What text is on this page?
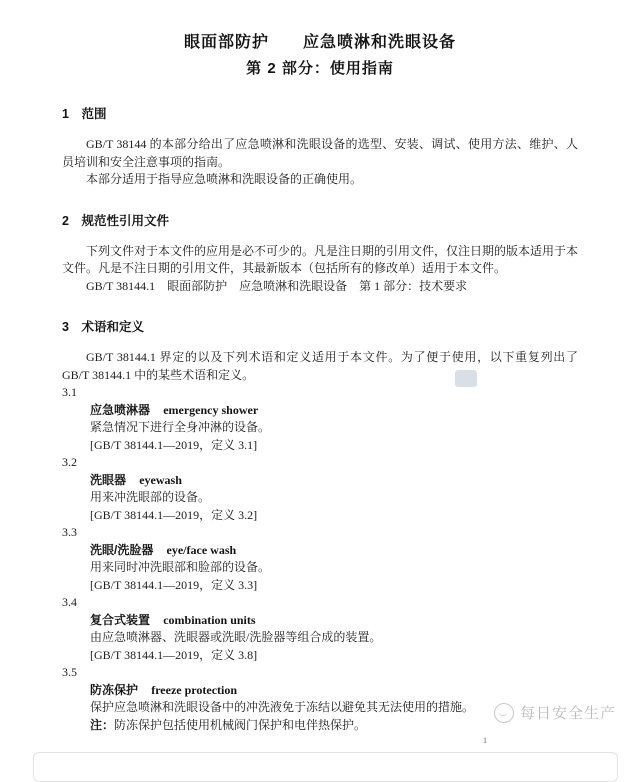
眼面部防护　　应急喷淋和洗眼设备
第 2 部分：使用指南
1　范围

GB/T 38144 的本部分给出了应急喷淋和洗眼设备的选型、安装、调试、使用方法、维护、人员培训和安全注意事项的指南。

本部分适用于指导应急喷淋和洗眼设备的正确使用。

2　规范性引用文件

下列文件对于本文件的应用是必不可少的。凡是注日期的引用文件，仅注日期的版本适用于本文件。凡是不注日期的引用文件，其最新版本（包括所有的修改单）适用于本文件。

GB/T 38144.1　眼面部防护　应急喷淋和洗眼设备　第 1 部分：技术要求

3　术语和定义

GB/T 38144.1 界定的以及下列术语和定义适用于本文件。为了便于使用，以下重复列出了 GB/T 38144.1 中的某些术语和定义。

3.1

应急喷淋器 emergency shower

紧急情况下进行全身冲淋的设备。

[GB/T 38144.1—2019，定义 3.1]

3.2

洗眼器 eyewash

用来冲洗眼部的设备。

[GB/T 38144.1—2019，定义 3.2]

3.3

洗眼/洗脸器 eye/face wash

用来同时冲洗眼部和脸部的设备。

[GB/T 38144.1—2019，定义 3.3]

3.4

复合式装置 combination units

由应急喷淋器、洗眼器或洗眼/洗脸器等组合成的装置。

[GB/T 38144.1—2019，定义 3.8]

3.5

防冻保护 freeze protection

保护应急喷淋和洗眼设备中的冲洗液免于冻结以避免其无法使用的措施。

注：防冻保护包括使用机械阀门保护和电伴热保护。

每日安全生产
1
